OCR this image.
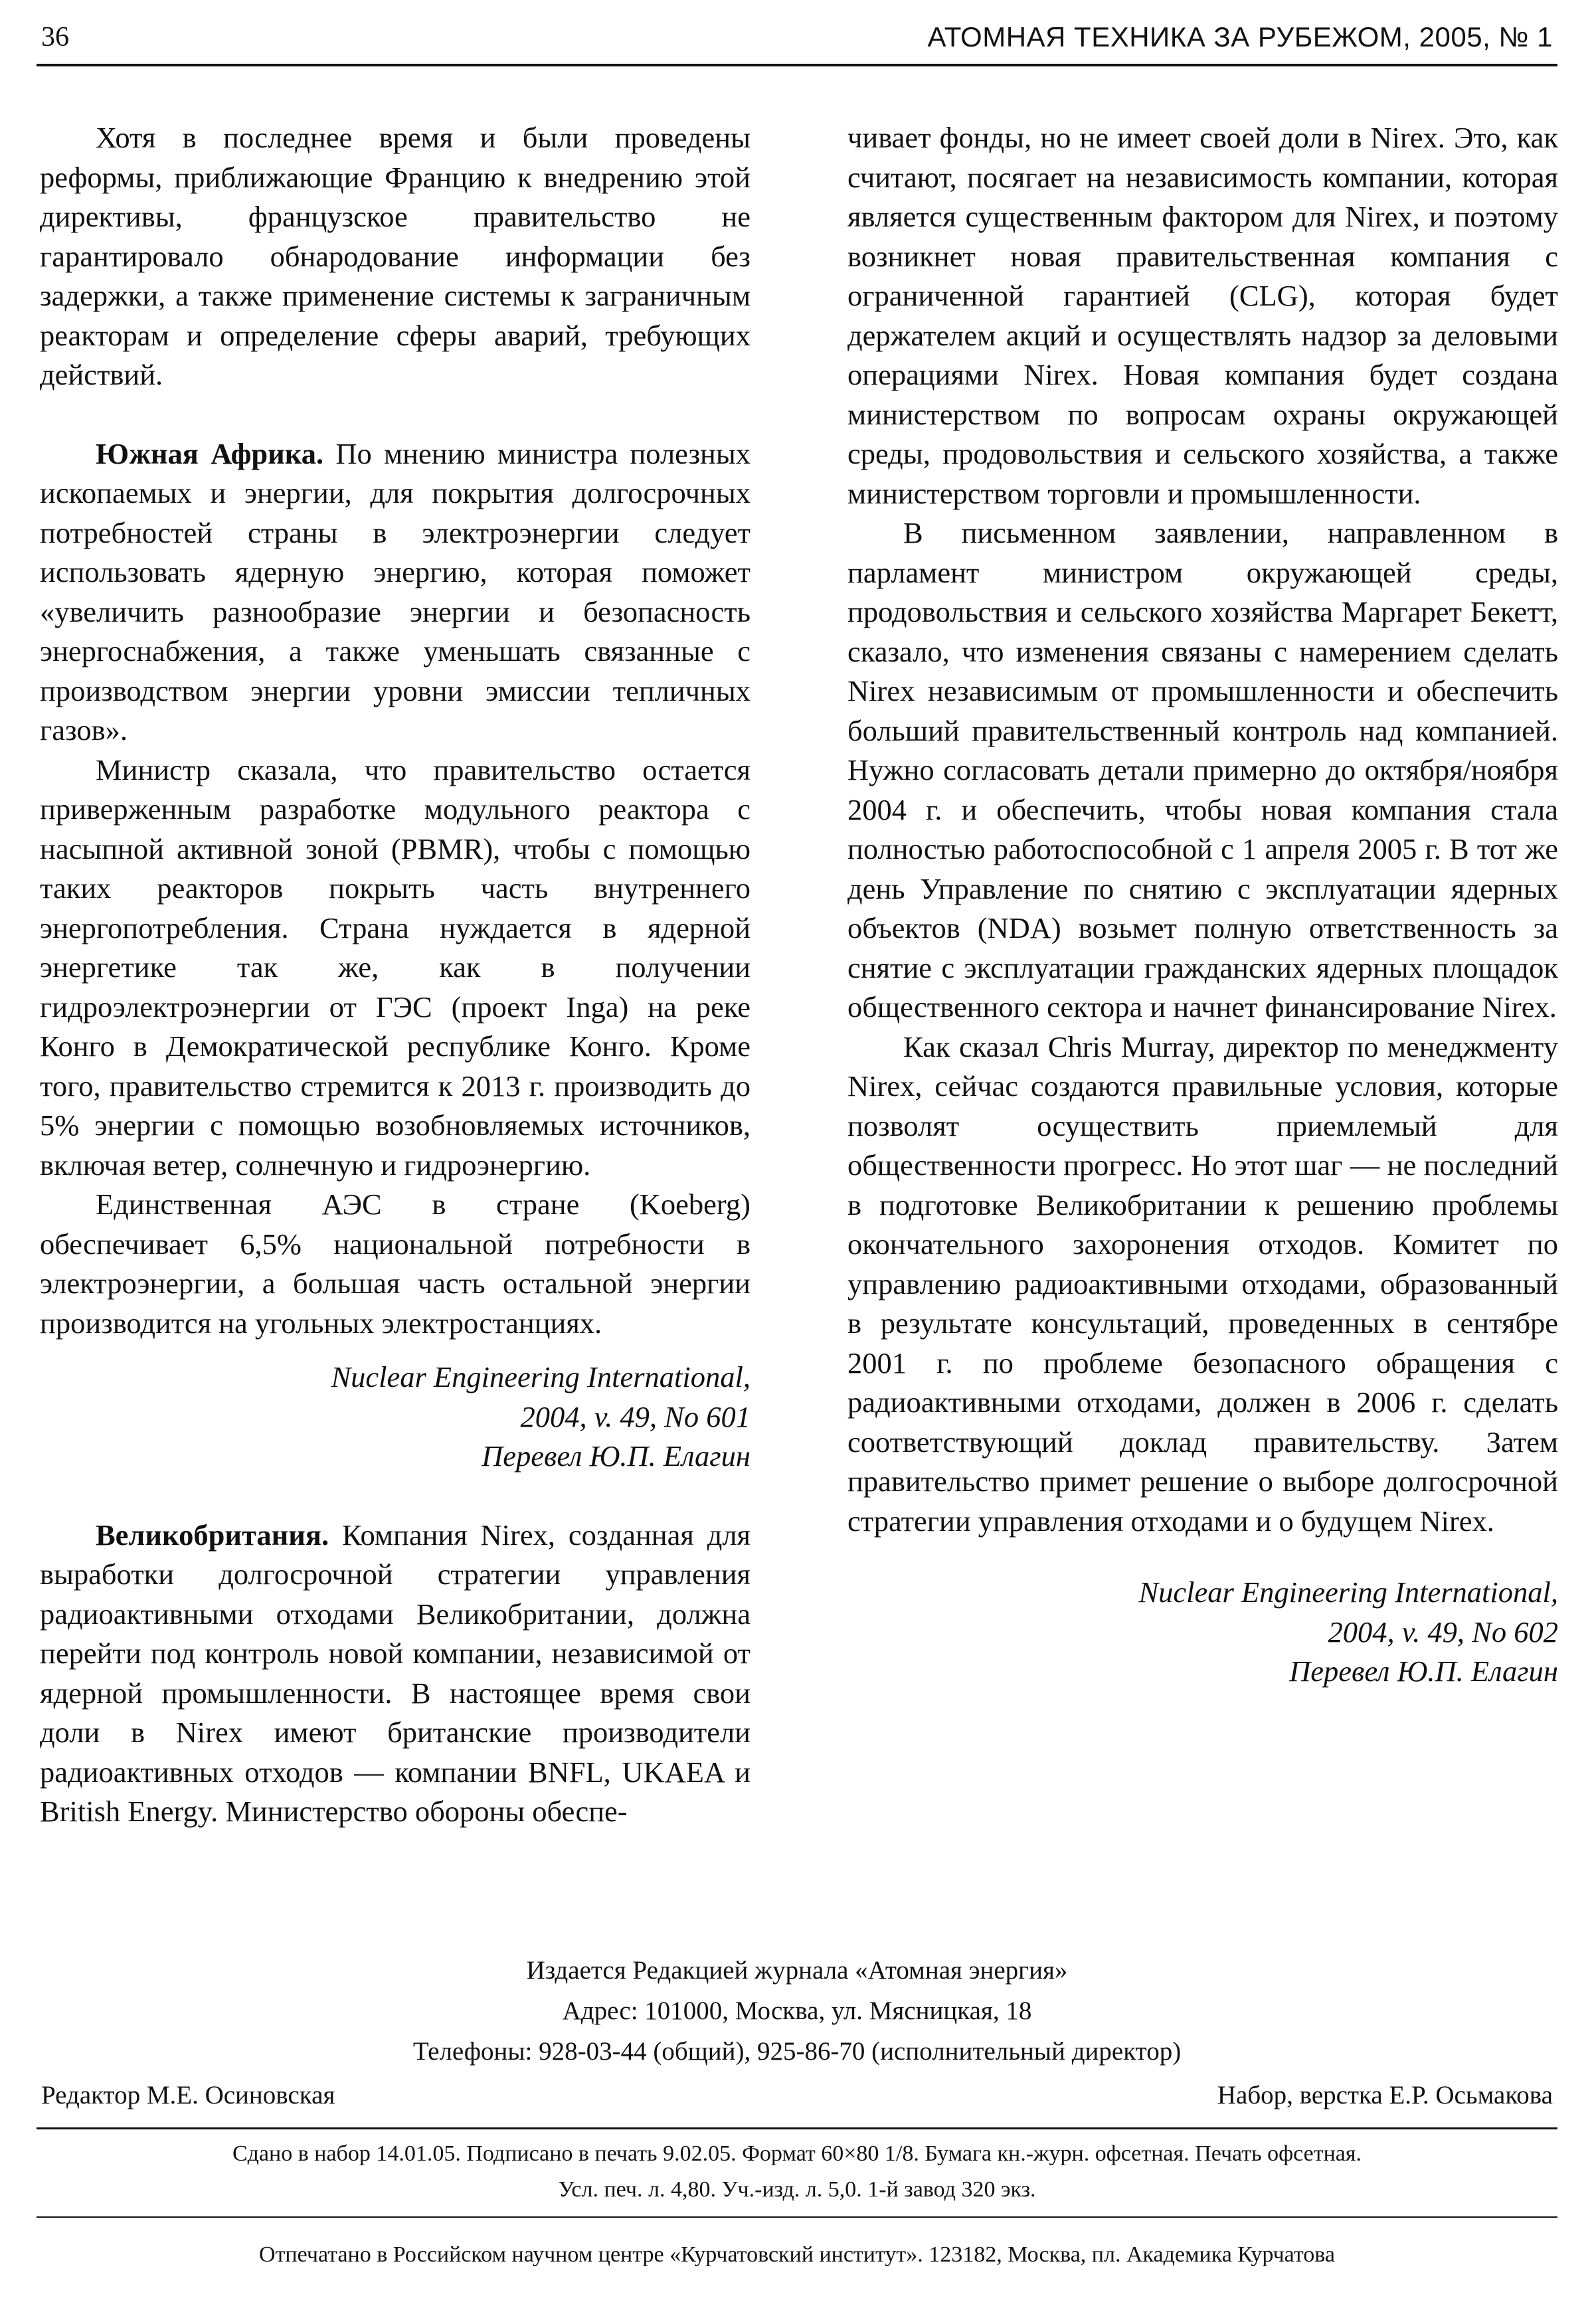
36	АТОМНАЯ ТЕХНИКА ЗА РУБЕЖОМ, 2005, № 1

Хотя в последнее время и были проведены реформы, приближающие Францию к внедрению этой директивы, французское правительство не гарантировало обнародование информации без задержки, а также применение системы к заграничным реакторам и определение сферы аварий, требующих действий.

Южная Африка. По мнению министра полезных ископаемых и энергии, для покрытия долгосрочных потребностей страны в электроэнергии следует использовать ядерную энергию, которая поможет «увеличить разнообразие энергии и безопасность энергоснабжения, а также уменьшать связанные с производством энергии уровни эмиссии тепличных газов».

Министр сказала, что правительство остается приверженным разработке модульного реактора с насыпной активной зоной (PBMR), чтобы с помощью таких реакторов покрыть часть внутреннего энергопотребления. Страна нуждается в ядерной энергетике так же, как в получении гидроэлектроэнергии от ГЭС (проект Inga) на реке Конго в Демократической республике Конго. Кроме того, правительство стремится к 2013 г. производить до 5% энергии с помощью возобновляемых источников, включая ветер, солнечную и гидроэнергию.

Единственная АЭС в стране (Koeberg) обеспечивает 6,5% национальной потребности в электроэнергии, а большая часть остальной энергии производится на угольных электростанциях.

Nuclear Engineering International,

2004, v. 49, No 601

Перевел Ю.П. Елагин

Великобритания. Компания Nirex, созданная для выработки долгосрочной стратегии управления радиоактивными отходами Великобритании, должна перейти под контроль новой компании, независимой от ядерной промышленности. В настоящее время свои доли в Nirex имеют британские производители радиоактивных отходов — компании BNFL, UKAEA и British Energy. Министерство обороны обеспе-

чивает фонды, но не имеет своей доли в Nirex. Это, как считают, посягает на независимость компании, которая является существенным фактором для Nirex, и поэтому возникнет новая правительственная компания с ограниченной гарантией (CLG), которая будет держателем акций и осуществлять надзор за деловыми операциями Nirex. Новая компания будет создана министерством по вопросам охраны окружающей среды, продовольствия и сельского хозяйства, а также министерством торговли и промышленности.

В письменном заявлении, направленном в парламент министром окружающей среды, продовольствия и сельского хозяйства Маргарет Бекетт, сказало, что изменения связаны с намерением сделать Nirex независимым от промышленности и обеспечить больший правительственный контроль над компанией. Нужно согласовать детали примерно до октября/ноября 2004 г. и обеспечить, чтобы новая компания стала полностью работоспособной с 1 апреля 2005 г. В тот же день Управление по снятию с эксплуатации ядерных объектов (NDA) возьмет полную ответственность за снятие с эксплуатации гражданских ядерных площадок общественного сектора и начнет финансирование Nirex.

Как сказал Chris Murray, директор по менеджменту Nirex, сейчас создаются правильные условия, которые позволят осуществить приемлемый для общественности прогресс. Но этот шаг — не последний в подготовке Великобритании к решению проблемы окончательного захоронения отходов. Комитет по управлению радиоактивными отходами, образованный в результате консультаций, проведенных в сентябре 2001 г. по проблеме безопасного обращения с радиоактивными отходами, должен в 2006 г. сделать соответствующий доклад правительству. Затем правительство примет решение о выборе долгосрочной стратегии управления отходами и о будущем Nirex.

Nuclear Engineering International,

2004, v. 49, No 602

Перевел Ю.П. Елагин

Издается Редакцией журнала «Атомная энергия»
Адрес: 101000, Москва, ул. Мясницкая, 18
Телефоны: 928-03-44 (общий), 925-86-70 (исполнительный директор)
Редактор М.Е. Осиновская	Набор, верстка Е.Р. Осьмакова
Сдано в набор 14.01.05. Подписано в печать 9.02.05. Формат 60×80 1/8. Бумага кн.-журн. офсетная. Печать офсетная.
Усл. печ. л. 4,80. Уч.-изд. л. 5,0. 1-й завод 320 экз.
Отпечатано в Российском научном центре «Курчатовский институт». 123182, Москва, пл. Академика Курчатова
